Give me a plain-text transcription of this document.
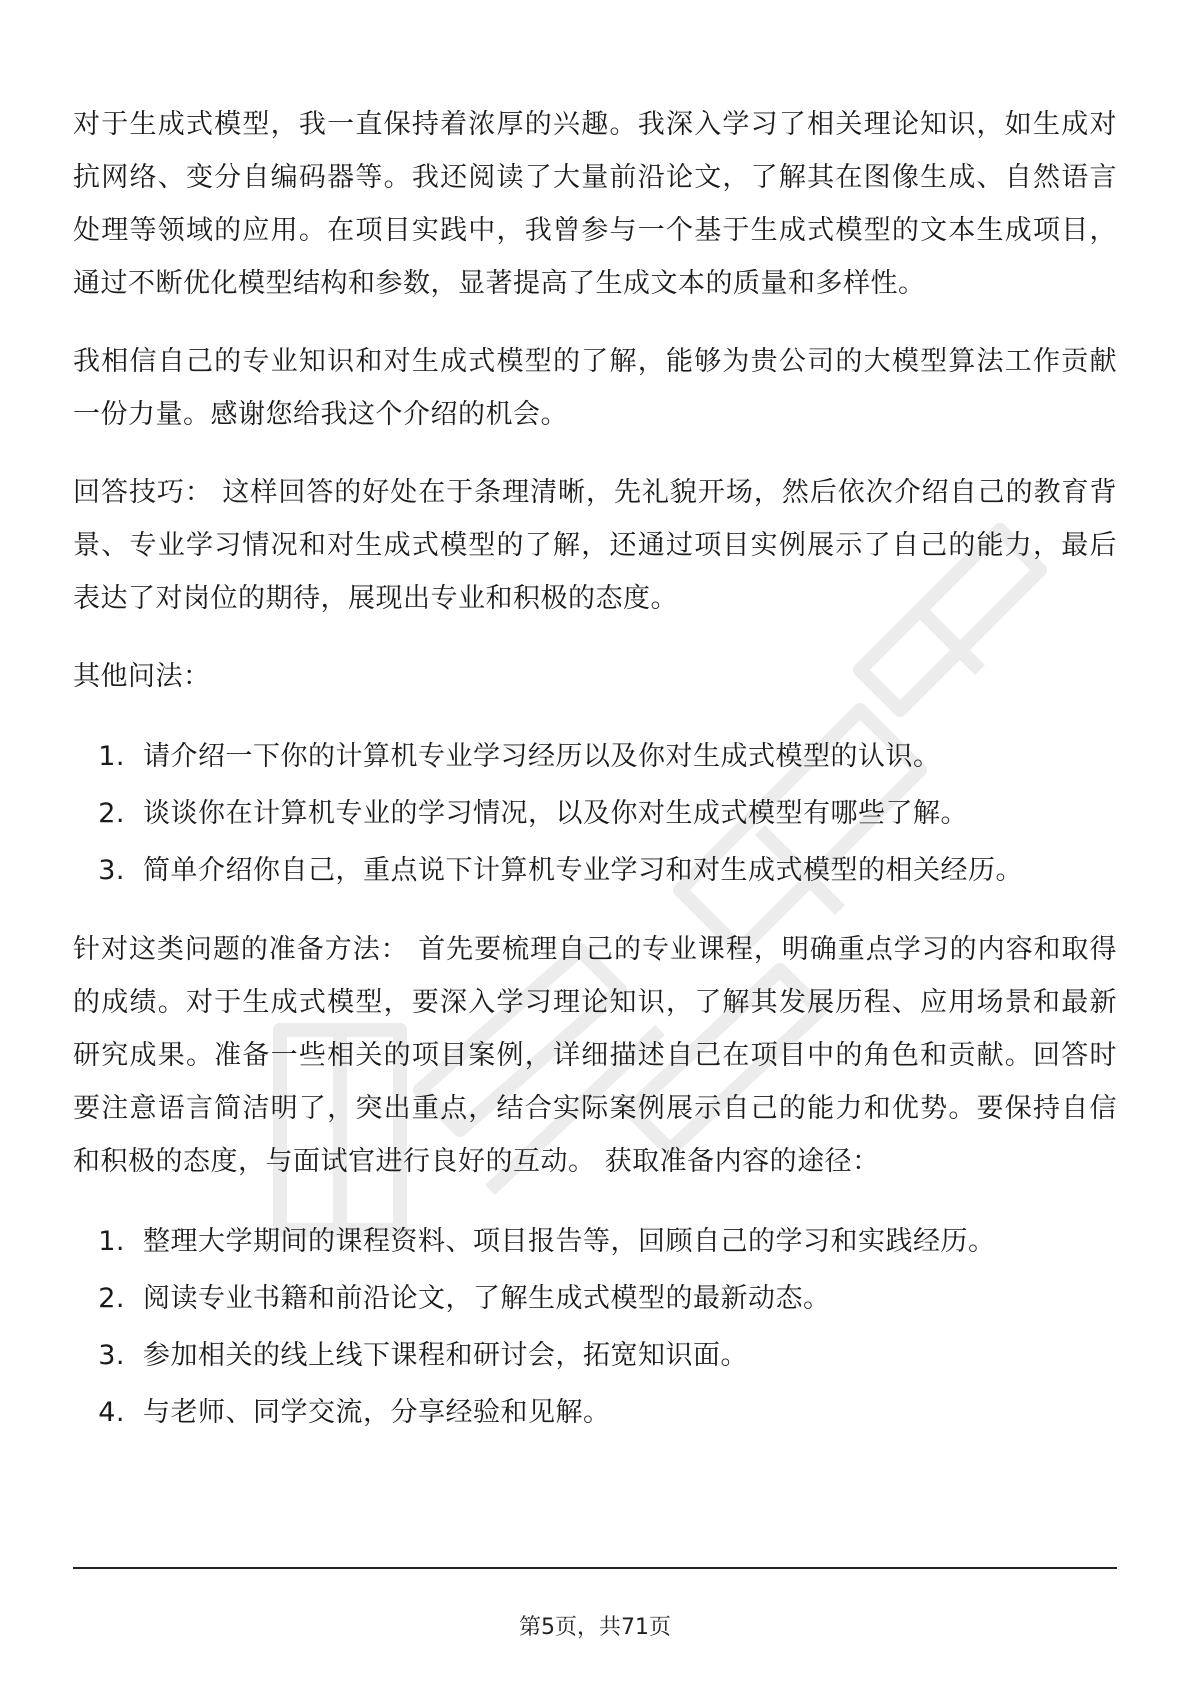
对于生成式模型，我一直保持着浓厚的兴趣。我深入学习了相关理论知识，如生成对抗网络、变分自编码器等。我还阅读了大量前沿论文，了解其在图像生成、自然语言处理等领域的应用。在项目实践中，我曾参与一个基于生成式模型的文本生成项目，通过不断优化模型结构和参数，显著提高了生成文本的质量和多样性。

我相信自己的专业知识和对生成式模型的了解，能够为贵公司的大模型算法工作贡献一份力量。感谢您给我这个介绍的机会。

回答技巧： 这样回答的好处在于条理清晰，先礼貌开场，然后依次介绍自己的教育背景、专业学习情况和对生成式模型的了解，还通过项目实例展示了自己的能力，最后表达了对岗位的期待，展现出专业和积极的态度。

其他问法：

1. 请介绍一下你的计算机专业学习经历以及你对生成式模型的认识。
2. 谈谈你在计算机专业的学习情况，以及你对生成式模型有哪些了解。
3. 简单介绍你自己，重点说下计算机专业学习和对生成式模型的相关经历。

针对这类问题的准备方法： 首先要梳理自己的专业课程，明确重点学习的内容和取得的成绩。对于生成式模型，要深入学习理论知识，了解其发展历程、应用场景和最新研究成果。准备一些相关的项目案例，详细描述自己在项目中的角色和贡献。回答时要注意语言简洁明了，突出重点，结合实际案例展示自己的能力和优势。要保持自信和积极的态度，与面试官进行良好的互动。 获取准备内容的途径：

1. 整理大学期间的课程资料、项目报告等，回顾自己的学习和实践经历。
2. 阅读专业书籍和前沿论文，了解生成式模型的最新动态。
3. 参加相关的线上线下课程和研讨会，拓宽知识面。
4. 与老师、同学交流，分享经验和见解。
第5页，共71页
